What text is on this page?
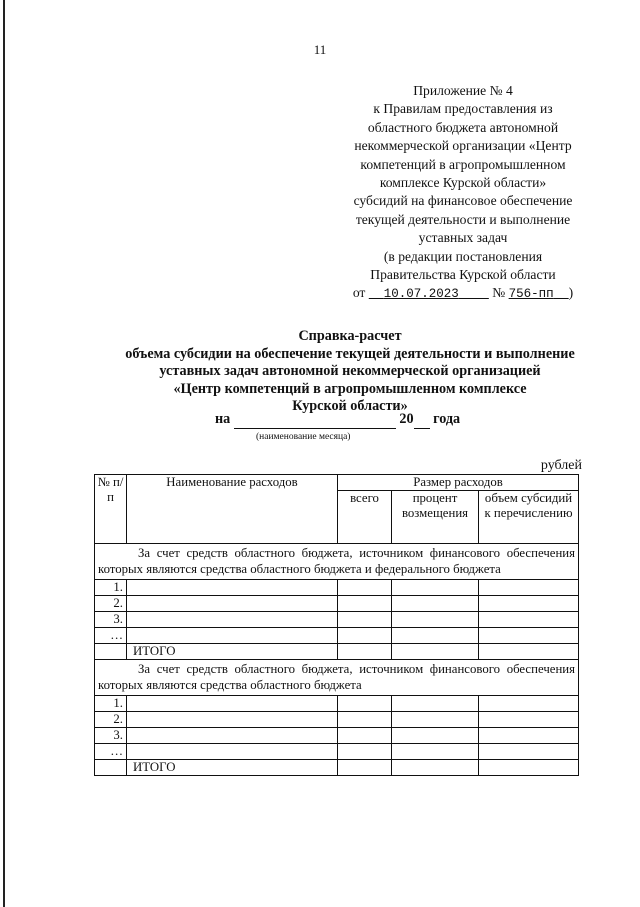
11
Приложение № 4
к Правилам предоставления из
областного бюджета автономной
некоммерческой организации «Центр
компетенций в агропромышленном
комплексе Курской области»
субсидий на финансовое обеспечение
текущей деятельности и выполнение
уставных задач
(в редакции постановления
Правительства Курской области
от 10.07.2023 № 756-пп )
Справка-расчет
объема субсидии на обеспечение текущей деятельности и выполнение
уставных задач автономной некоммерческой организацией
«Центр компетенций в агропромышленном комплексе
Курской области»
на	20 года
(наименование месяца)
рублей
№ п/п	Наименование расходов	Размер расходов		
		всего	процент возмещения	объем субсидий к перечислению
За счет средств областного бюджета, источником финансового обеспечения которых являются средства областного бюджета и федерального бюджета				
1.				
2.				
3.				
…				
	ИТОГО			
За счет средств областного бюджета, источником финансового обеспечения которых являются средства областного бюджета				
1.				
2.				
3.				
…				
	ИТОГО			
